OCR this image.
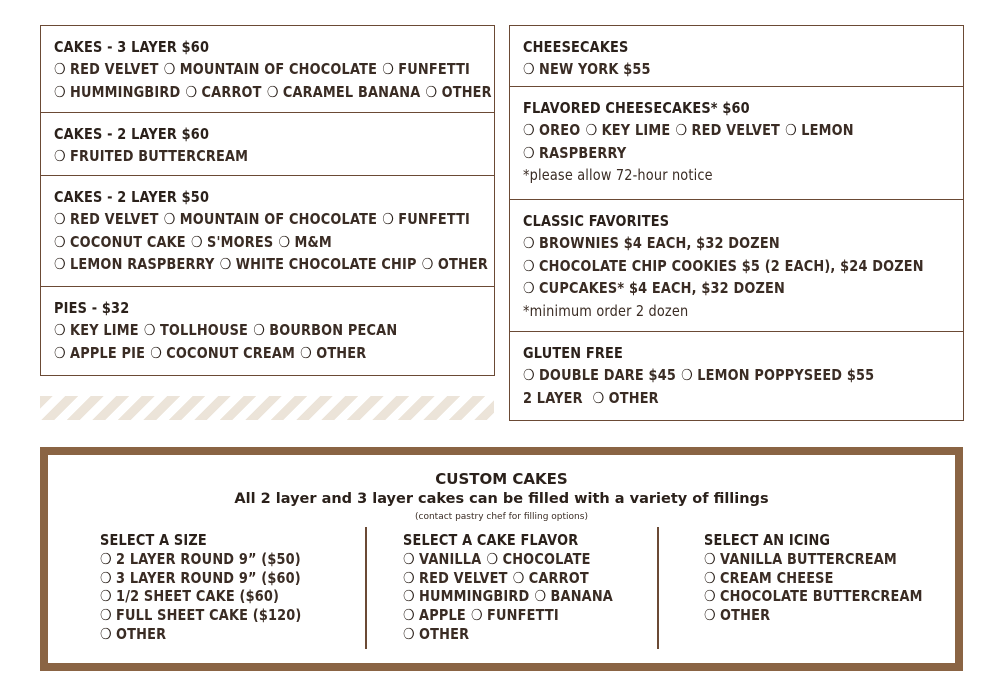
CAKES - 3 LAYER $60
❍ RED VELVET ❍ MOUNTAIN OF CHOCOLATE ❍ FUNFETTI
❍ HUMMINGBIRD ❍ CARROT ❍ CARAMEL BANANA ❍ OTHER
CAKES - 2 LAYER $60
❍ FRUITED BUTTERCREAM
CAKES - 2 LAYER $50
❍ RED VELVET ❍ MOUNTAIN OF CHOCOLATE ❍ FUNFETTI
❍ COCONUT CAKE ❍ S'MORES ❍ M&M
❍ LEMON RASPBERRY ❍ WHITE CHOCOLATE CHIP ❍ OTHER
PIES - $32
❍ KEY LIME ❍ TOLLHOUSE ❍ BOURBON PECAN
❍ APPLE PIE ❍ COCONUT CREAM ❍ OTHER
CHEESECAKES
❍ NEW YORK $55
FLAVORED CHEESECAKES* $60
❍ OREO ❍ KEY LIME ❍ RED VELVET ❍ LEMON
❍ RASPBERRY
*please allow 72-hour notice
CLASSIC FAVORITES
❍ BROWNIES $4 EACH, $32 DOZEN
❍ CHOCOLATE CHIP COOKIES $5 (2 EACH), $24 DOZEN
❍ CUPCAKES* $4 EACH, $32 DOZEN
*minimum order 2 dozen
GLUTEN FREE
❍ DOUBLE DARE $45 ❍ LEMON POPPYSEED $55
2 LAYER ❍ OTHER
CUSTOM CAKES
All 2 layer and 3 layer cakes can be filled with a variety of fillings
(contact pastry chef for filling options)
SELECT A SIZE
❍ 2 LAYER ROUND 9” ($50)
❍ 3 LAYER ROUND 9” ($60)
❍ 1/2 SHEET CAKE ($60)
❍ FULL SHEET CAKE ($120)
❍ OTHER
SELECT A CAKE FLAVOR
❍ VANILLA ❍ CHOCOLATE
❍ RED VELVET ❍ CARROT
❍ HUMMINGBIRD ❍ BANANA
❍ APPLE ❍ FUNFETTI
❍ OTHER
SELECT AN ICING
❍ VANILLA BUTTERCREAM
❍ CREAM CHEESE
❍ CHOCOLATE BUTTERCREAM
❍ OTHER
